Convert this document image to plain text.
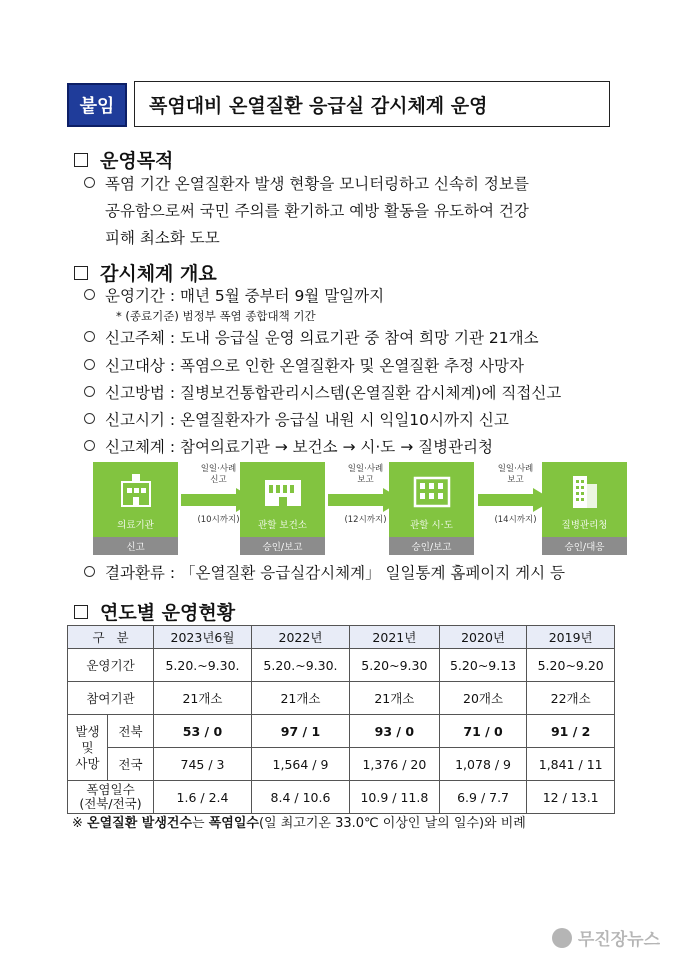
붙임	폭염대비 온열질환 응급실 감시체계 운영
운영목적
폭염 기간 온열질환자 발생 현황을 모니터링하고 신속히 정보를
공유함으로써 국민 주의를 환기하고 예방 활동을 유도하여 건강
피해 최소화 도모
감시체계 개요
운영기간 : 매년 5월 중부터 9월 말일까지
* (종료기준) 범정부 폭염 종합대책 기간
신고주체 : 도내 응급실 운영 의료기관 중 참여 희망 기관 21개소
신고대상 : 폭염으로 인한 온열질환자 및 온열질환 추정 사망자
신고방법 : 질병보건통합관리시스템(온열질환 감시체계)에 직접신고
신고시기 : 온열질환자가 응급실 내원 시 익일10시까지 신고
신고체계 : 참여의료기관 → 보건소 → 시·도 → 질병관리청
의료기관
신고
일일·사례
신고
(10시까지)	관할 보건소
승인/보고
일일·사례
보고
(12시까지)	관할 시·도
승인/보고
일일·사례
보고
(14시까지)	질병관리청
승인/대응
결과환류 : 「온열질환 응급실감시체계」 일일통계 홈페이지 게시 등
연도별 운영현황
구   분		2023년6월	2022년	2021년	2020년	2019년
운영기간		5.20.~9.30.	5.20.~9.30.	5.20~9.30	5.20~9.13	5.20~9.20
참여기관		21개소	21개소	21개소	20개소	22개소
발생
및
사망	전북	53 / 0	97 / 1	93 / 0	71 / 0	91 / 2
	전국	745 / 3	1,564 / 9	1,376 / 20	1,078 / 9	1,841 / 11
폭염일수
(전북/전국)		1.6 / 2.4	8.4 / 10.6	10.9 / 11.8	6.9 / 7.7	12 / 13.1
※ 온열질환 발생건수는 폭염일수(일 최고기온 33.0℃ 이상인 날의 일수)와 비례
무진장뉴스
